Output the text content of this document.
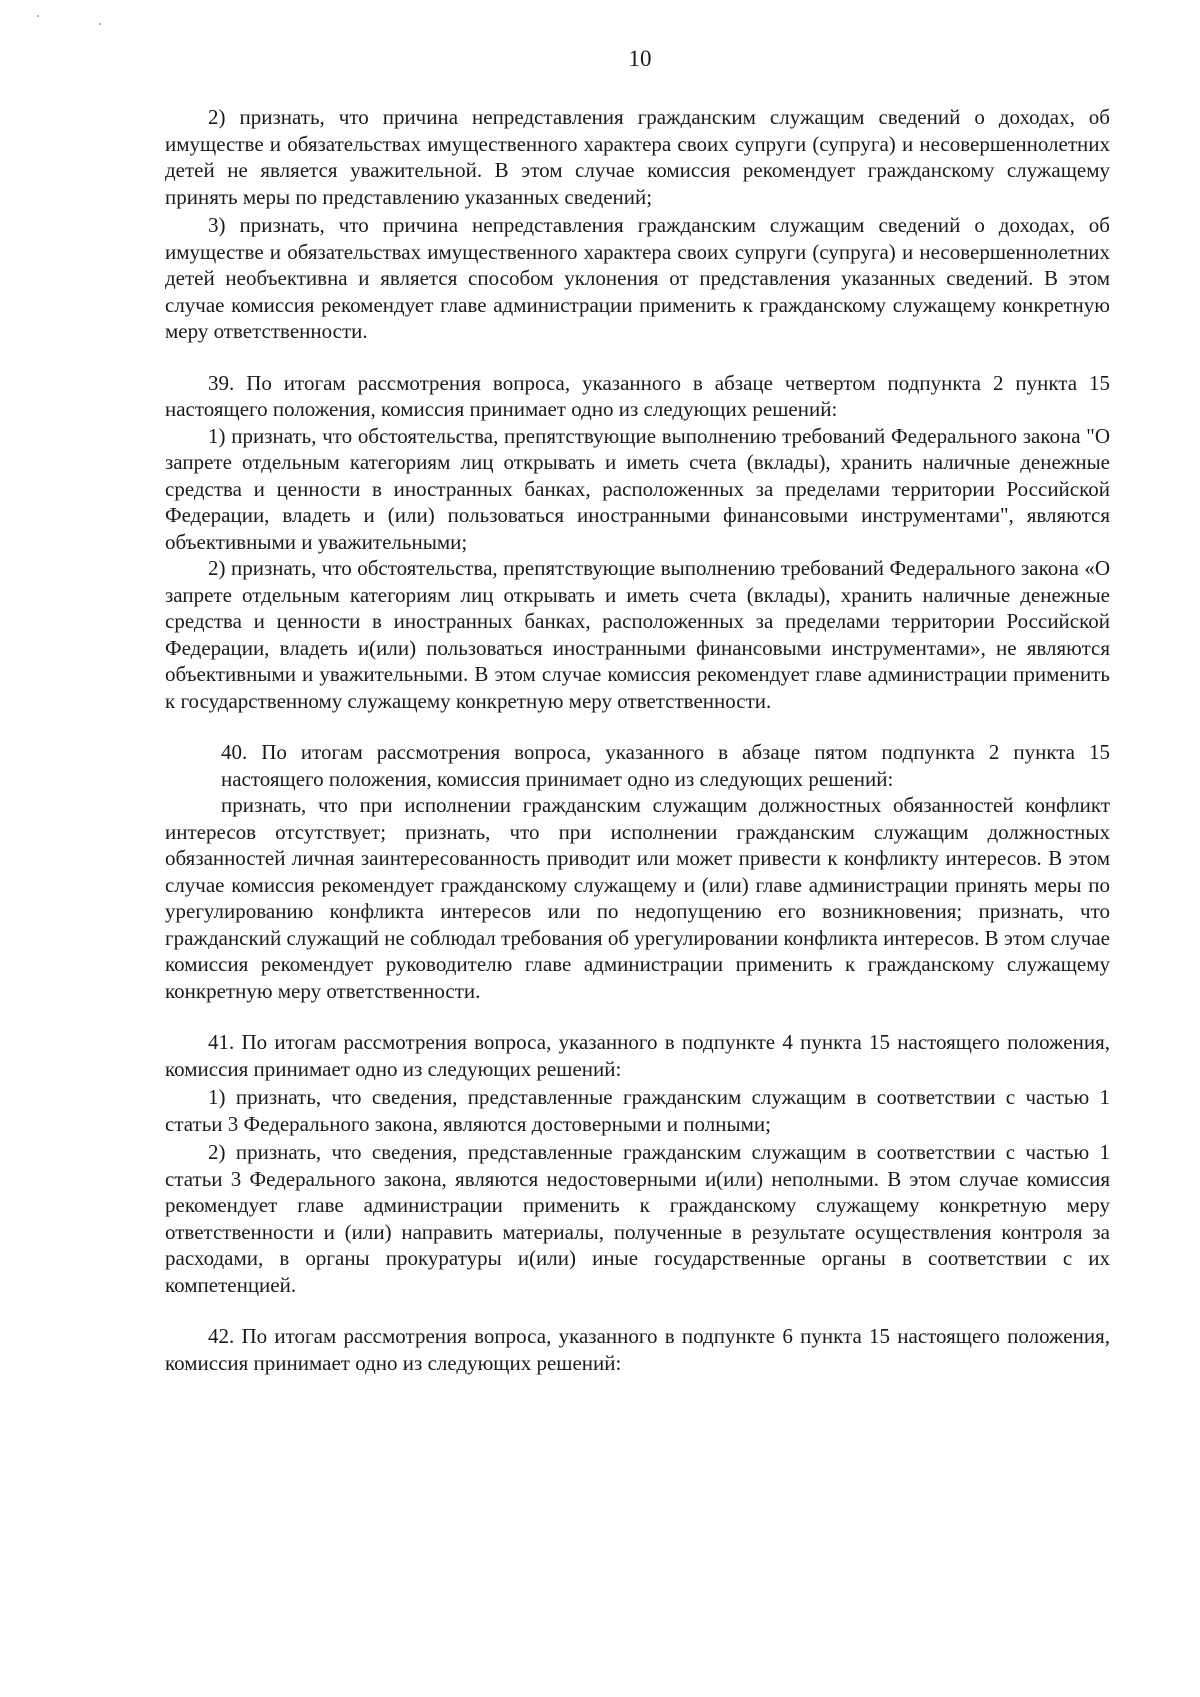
10

2) признать, что причина непредставления гражданским служащим сведений о доходах, об имуществе и обязательствах имущественного характера своих супруги (супруга) и несовершеннолетних детей не является уважительной. В этом случае комиссия рекомендует гражданскому служащему принять меры по представлению указанных сведений;

3) признать, что причина непредставления гражданским служащим сведений о доходах, об имуществе и обязательствах имущественного характера своих супруги (супруга) и несовершеннолетних детей необъективна и является способом уклонения от представления указанных сведений. В этом случае комиссия рекомендует главе администрации применить к гражданскому служащему конкретную меру ответственности.

39. По итогам рассмотрения вопроса, указанного в абзаце четвертом подпункта 2 пункта 15 настоящего положения, комиссия принимает одно из следующих решений:

1) признать, что обстоятельства, препятствующие выполнению требований Федерального закона "О запрете отдельным категориям лиц открывать и иметь счета (вклады), хранить наличные денежные средства и ценности в иностранных банках, расположенных за пределами территории Российской Федерации, владеть и (или) пользоваться иностранными финансовыми инструментами", являются объективными и уважительными;

2) признать, что обстоятельства, препятствующие выполнению требований Федерального закона «О запрете отдельным категориям лиц открывать и иметь счета (вклады), хранить наличные денежные средства и ценности в иностранных банках, расположенных за пределами территории Российской Федерации, владеть и(или) пользоваться иностранными финансовыми инструментами», не являются объективными и уважительными. В этом случае комиссия рекомендует главе администрации применить к государственному служащему конкретную меру ответственности.

40. По итогам рассмотрения вопроса, указанного в абзаце пятом подпункта 2 пункта 15 настоящего положения, комиссия принимает одно из следующих решений:

признать, что при исполнении гражданским служащим должностных обязанностей конфликт интересов отсутствует; признать, что при исполнении гражданским служащим должностных обязанностей личная заинтересованность приводит или может привести к конфликту интересов. В этом случае комиссия рекомендует гражданскому служащему и (или) главе администрации принять меры по урегулированию конфликта интересов или по недопущению его возникновения; признать, что гражданский служащий не соблюдал требования об урегулировании конфликта интересов. В этом случае комиссия рекомендует руководителю главе администрации применить к гражданскому служащему конкретную меру ответственности.

41. По итогам рассмотрения вопроса, указанного в подпункте 4 пункта 15 настоящего положения, комиссия принимает одно из следующих решений:

1) признать, что сведения, представленные гражданским служащим в соответствии с частью 1 статьи 3 Федерального закона, являются достоверными и полными;

2) признать, что сведения, представленные гражданским служащим в соответствии с частью 1 статьи 3 Федерального закона, являются недостоверными и(или) неполными. В этом случае комиссия рекомендует главе администрации применить к гражданскому служащему конкретную меру ответственности и (или) направить материалы, полученные в результате осуществления контроля за расходами, в органы прокуратуры и(или) иные государственные органы в соответствии с их компетенцией.

42. По итогам рассмотрения вопроса, указанного в подпункте 6 пункта 15 настоящего положения, комиссия принимает одно из следующих решений:
